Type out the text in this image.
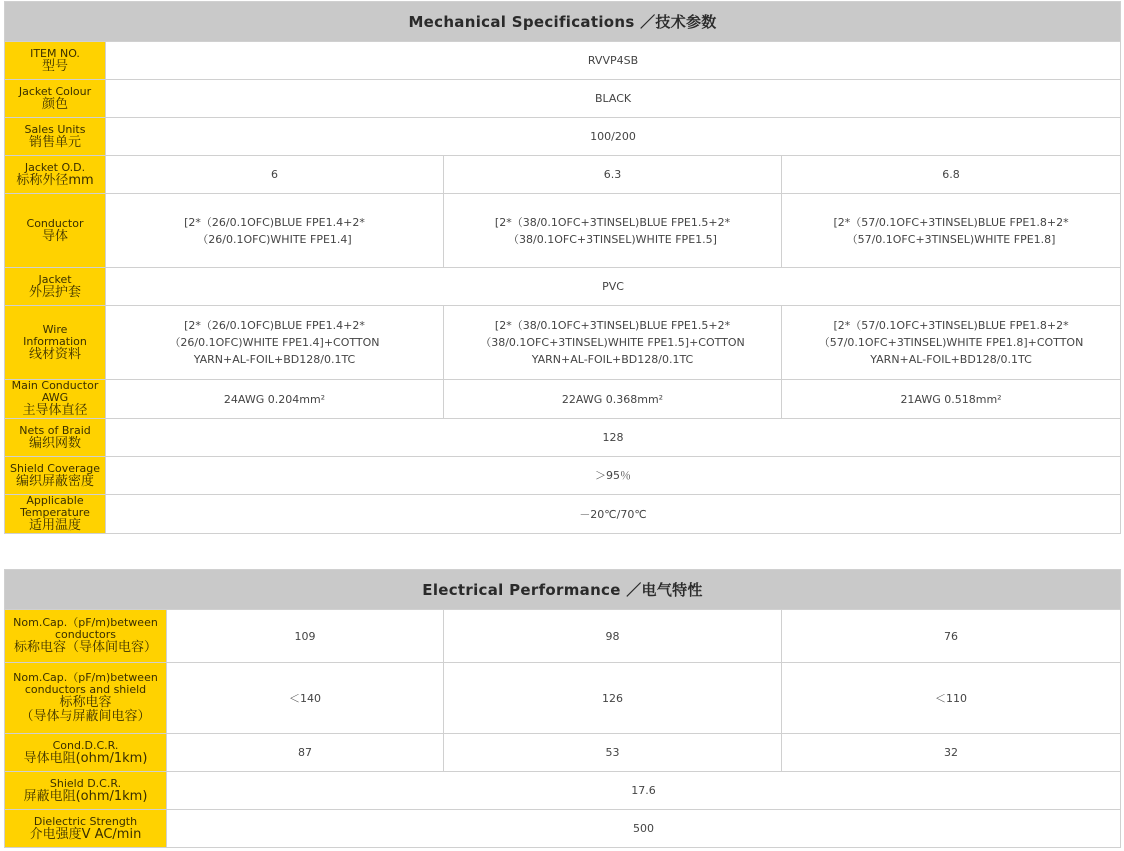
Mechanical Specifications ／技术参数			

ITEM NO.
型号	RVVP4SB		

Jacket Colour
颜色	BLACK		

Sales Units
销售单元	100/200		

Jacket O.D.
标称外径mm	6	6.3	6.8

Conductor
导体	[2*（26/0.1OFC)BLUE FPE1.4+2*
（26/0.1OFC)WHITE FPE1.4]	[2*（38/0.1OFC+3TINSEL)BLUE FPE1.5+2*
（38/0.1OFC+3TINSEL)WHITE FPE1.5]	[2*（57/0.1OFC+3TINSEL)BLUE FPE1.8+2*
（57/0.1OFC+3TINSEL)WHITE FPE1.8]

Jacket
外层护套	PVC		

Wire
Information
线材资料	[2*（26/0.1OFC)BLUE FPE1.4+2*
（26/0.1OFC)WHITE FPE1.4]+COTTON
YARN+AL-FOIL+BD128/0.1TC	[2*（38/0.1OFC+3TINSEL)BLUE FPE1.5+2*
（38/0.1OFC+3TINSEL)WHITE FPE1.5]+COTTON
YARN+AL-FOIL+BD128/0.1TC	[2*（57/0.1OFC+3TINSEL)BLUE FPE1.8+2*
（57/0.1OFC+3TINSEL)WHITE FPE1.8]+COTTON
YARN+AL-FOIL+BD128/0.1TC

Main Conductor
AWG
主导体直径	24AWG 0.204mm²	22AWG 0.368mm²	21AWG 0.518mm²

Nets of Braid
编织网数	128		

Shield Coverage
编织屏蔽密度	＞95％		

Applicable
Temperature
适用温度	－20℃/70℃		
Electrical Performance ／电气特性			

Nom.Cap.（pF/m)between
conductors
标称电容（导体间电容）	109	98	76

Nom.Cap.（pF/m)between
conductors and shield
标称电容
（导体与屏蔽间电容）	＜140	126	＜110

Cond.D.C.R.
导体电阻(ohm/1km)	87	53	32

Shield D.C.R.
屏蔽电阻(ohm/1km)	17.6		

Dielectric Strength
介电强度V AC/min	500		
